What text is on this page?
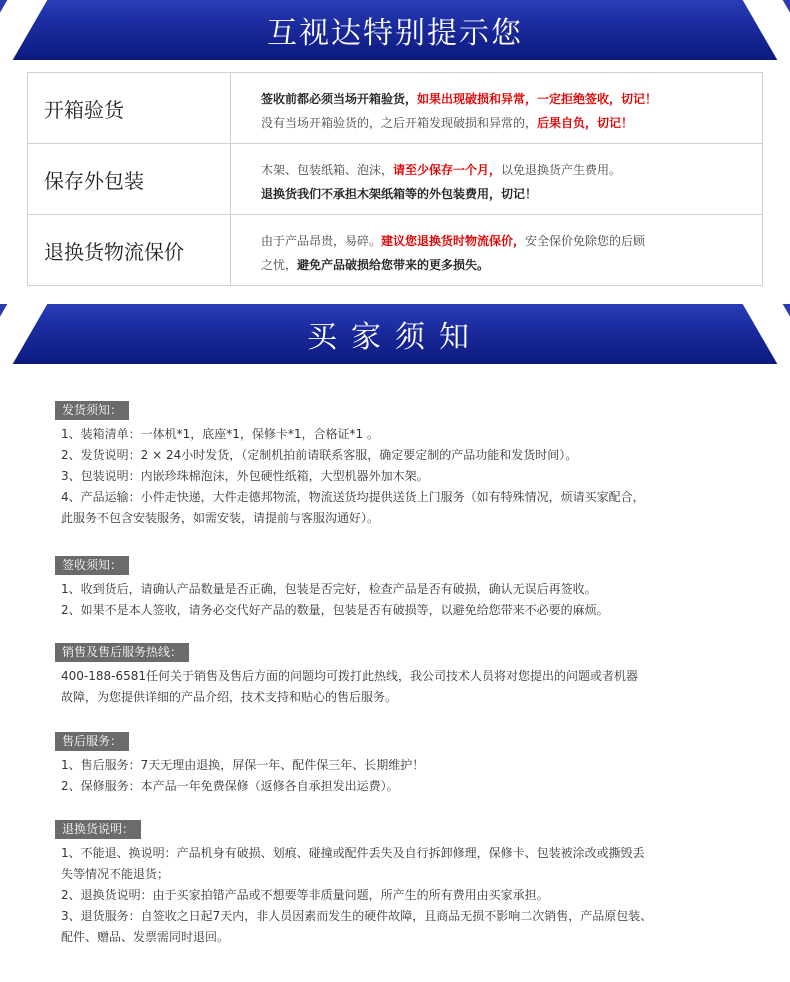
互视达特别提示您
开箱验货	签收前都必须当场开箱验货，如果出现破损和异常，一定拒绝签收，切记！
没有当场开箱验货的，之后开箱发现破损和异常的，后果自负，切记！
保存外包装	木架、包装纸箱、泡沫，请至少保存一个月，以免退换货产生费用。
退换货我们不承担木架纸箱等的外包装费用，切记！
退换货物流保价	由于产品昂贵，易碎。建议您退换货时物流保价，安全保价免除您的后顾
之忧，避免产品破损给您带来的更多损失。
买家须知
发货须知：
1、装箱清单：一体机*1，底座*1，保修卡*1，合格证*1 。
2、发货说明：2 × 24小时发货，（定制机拍前请联系客服，确定要定制的产品功能和发货时间）。
3、包装说明：内嵌珍珠棉泡沫，外包硬性纸箱，大型机器外加木架。
4、产品运输：小件走快递，大件走德邦物流，物流送货均提供送货上门服务（如有特殊情况，烦请买家配合，
此服务不包含安装服务，如需安装，请提前与客服沟通好）。
签收须知：
1、收到货后，请确认产品数量是否正确，包装是否完好，检查产品是否有破损，确认无误后再签收。
2、如果不是本人签收，请务必交代好产品的数量，包装是否有破损等，以避免给您带来不必要的麻烦。
销售及售后服务热线：
400-188-6581任何关于销售及售后方面的问题均可拨打此热线，我公司技术人员将对您提出的问题或者机器
故障，为您提供详细的产品介绍，技术支持和贴心的售后服务。
售后服务：
1、售后服务：7天无理由退换，屏保一年、配件保三年、长期维护！
2、保修服务：本产品一年免费保修（返修各自承担发出运费）。
退换货说明：
1、不能退、换说明：产品机身有破损、划痕、碰撞或配件丢失及自行拆卸修理，保修卡、包装被涂改或撕毁丢
失等情况不能退货；
2、退换货说明：由于买家拍错产品或不想要等非质量问题，所产生的所有费用由买家承担。
3、退货服务：自签收之日起7天内，非人员因素而发生的硬件故障，且商品无损不影响二次销售，产品原包装、
配件、赠品、发票需同时退回。
